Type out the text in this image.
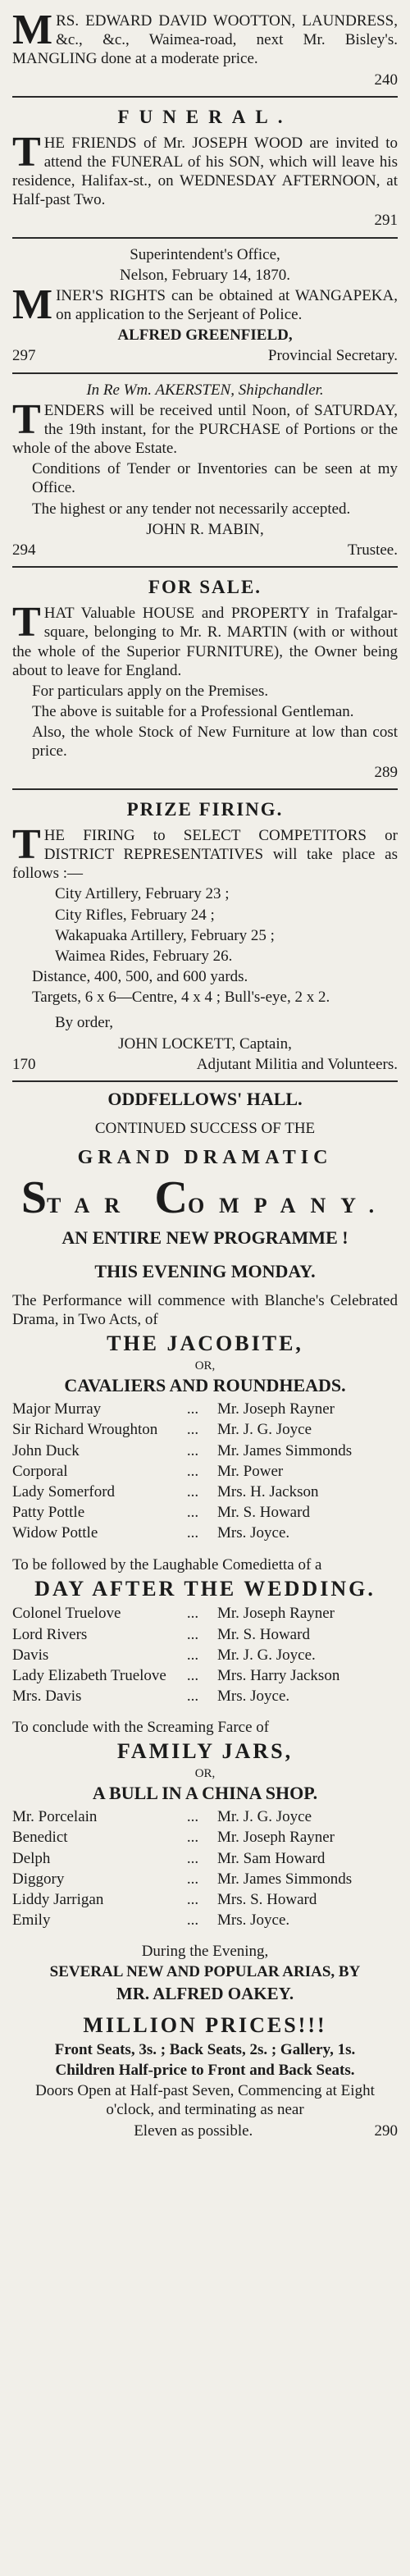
MRS. EDWARD DAVID WOOTTON, LAUNDRESS, &c., &c., Waimea-road, next Mr. Bisley's. MANGLING done at a moderate price.

240
FUNERAL.

THE FRIENDS of Mr. JOSEPH WOOD are invited to attend the FUNERAL of his SON, which will leave his residence, Halifax-st., on WEDNESDAY AFTERNOON, at Half-past Two.

291

Superintendent's Office,

Nelson, February 14, 1870.

MINER'S RIGHTS can be obtained at WANGAPEKA, on application to the Serjeant of Police.

ALFRED GREENFIELD,

297	Provincial Secretary.

In Re Wm. AKERSTEN, Shipchandler.

TENDERS will be received until Noon, of SATURDAY, the 19th instant, for the PURCHASE of Portions or the whole of the above Estate.

Conditions of Tender or Inventories can be seen at my Office.

The highest or any tender not necessarily accepted.

JOHN R. MABIN,

294	Trustee.
FOR SALE.

THAT Valuable HOUSE and PROPERTY in Trafalgar-square, belonging to Mr. R. MARTIN (with or without the whole of the Superior FURNITURE), the Owner being about to leave for England.

For particulars apply on the Premises.

The above is suitable for a Professional Gentleman.

Also, the whole Stock of New Furniture at low than cost price.

289
PRIZE FIRING.

THE FIRING to SELECT COMPETITORS or DISTRICT REPRESENTATIVES will take place as follows :—

City Artillery, February 23 ;

City Rifles, February 24 ;

Wakapuaka Artillery, February 25 ;

Waimea Rides, February 26.

Distance, 400, 500, and 600 yards.

Targets, 6 x 6—Centre, 4 x 4 ; Bull's-eye, 2 x 2.

By order,

JOHN LOCKETT, Captain,

170	Adjutant Militia and Volunteers.

ODDFELLOWS' HALL.

CONTINUED SUCCESS OF THE

GRAND DRAMATIC
STAR COMPANY.

AN ENTIRE NEW PROGRAMME !

THIS EVENING MONDAY.

The Performance will commence with Blanche's Celebrated Drama, in Two Acts, of

THE JACOBITE,

OR,

CAVALIERS AND ROUNDHEADS.

Major Murray	...	Mr. Joseph Rayner
Sir Richard Wroughton	...	Mr. J. G. Joyce
John Duck	...	Mr. James Simmonds
Corporal	...	Mr. Power
Lady Somerford	...	Mrs. H. Jackson
Patty Pottle	...	Mr. S. Howard
Widow Pottle	...	Mrs. Joyce.

To be followed by the Laughable Comedietta of a

DAY AFTER THE WEDDING.

Colonel Truelove	...	Mr. Joseph Rayner
Lord Rivers	...	Mr. S. Howard
Davis	...	Mr. J. G. Joyce.
Lady Elizabeth Truelove	...	Mrs. Harry Jackson
Mrs. Davis	...	Mrs. Joyce.

To conclude with the Screaming Farce of

FAMILY JARS,

OR,

A BULL IN A CHINA SHOP.

Mr. Porcelain	...	Mr. J. G. Joyce
Benedict	...	Mr. Joseph Rayner
Delph	...	Mr. Sam Howard
Diggory	...	Mr. James Simmonds
Liddy Jarrigan	...	Mrs. S. Howard
Emily	...	Mrs. Joyce.

During the Evening,

SEVERAL NEW AND POPULAR ARIAS, BY

MR. ALFRED OAKEY.

MILLION PRICES!!!

Front Seats, 3s. ; Back Seats, 2s. ; Gallery, 1s.

Children Half-price to Front and Back Seats.

Doors Open at Half-past Seven, Commencing at Eight o'clock, and terminating as near

Eleven as possible.	290
